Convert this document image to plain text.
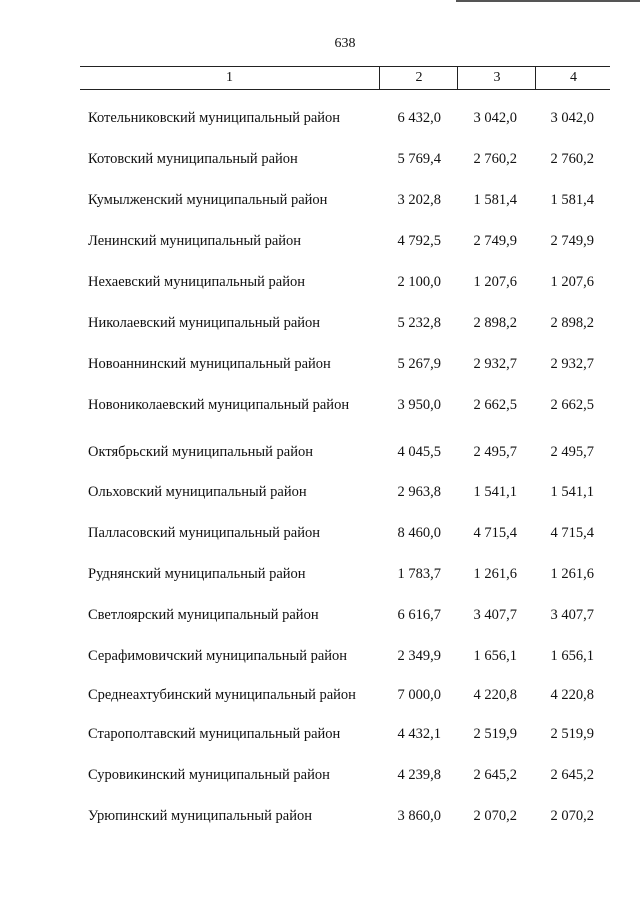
638
1	2	3	4
Котельниковский муниципальный район	6 432,0	3 042,0	3 042,0
Котовский муниципальный район	5 769,4	2 760,2	2 760,2
Кумылженский муниципальный район	3 202,8	1 581,4	1 581,4
Ленинский муниципальный район	4 792,5	2 749,9	2 749,9
Нехаевский муниципальный район	2 100,0	1 207,6	1 207,6
Николаевский муниципальный район	5 232,8	2 898,2	2 898,2
Новоаннинский муниципальный район	5 267,9	2 932,7	2 932,7
Новониколаевский муниципальный район	3 950,0	2 662,5	2 662,5
Октябрьский муниципальный район	4 045,5	2 495,7	2 495,7
Ольховский муниципальный район	2 963,8	1 541,1	1 541,1
Палласовский муниципальный район	8 460,0	4 715,4	4 715,4
Руднянский муниципальный район	1 783,7	1 261,6	1 261,6
Светлоярский муниципальный район	6 616,7	3 407,7	3 407,7
Серафимовичский муниципальный район	2 349,9	1 656,1	1 656,1
Среднеахтубинский муниципальный район	7 000,0	4 220,8	4 220,8
Старополтавский муниципальный район	4 432,1	2 519,9	2 519,9
Суровикинский муниципальный район	4 239,8	2 645,2	2 645,2
Урюпинский муниципальный район	3 860,0	2 070,2	2 070,2
